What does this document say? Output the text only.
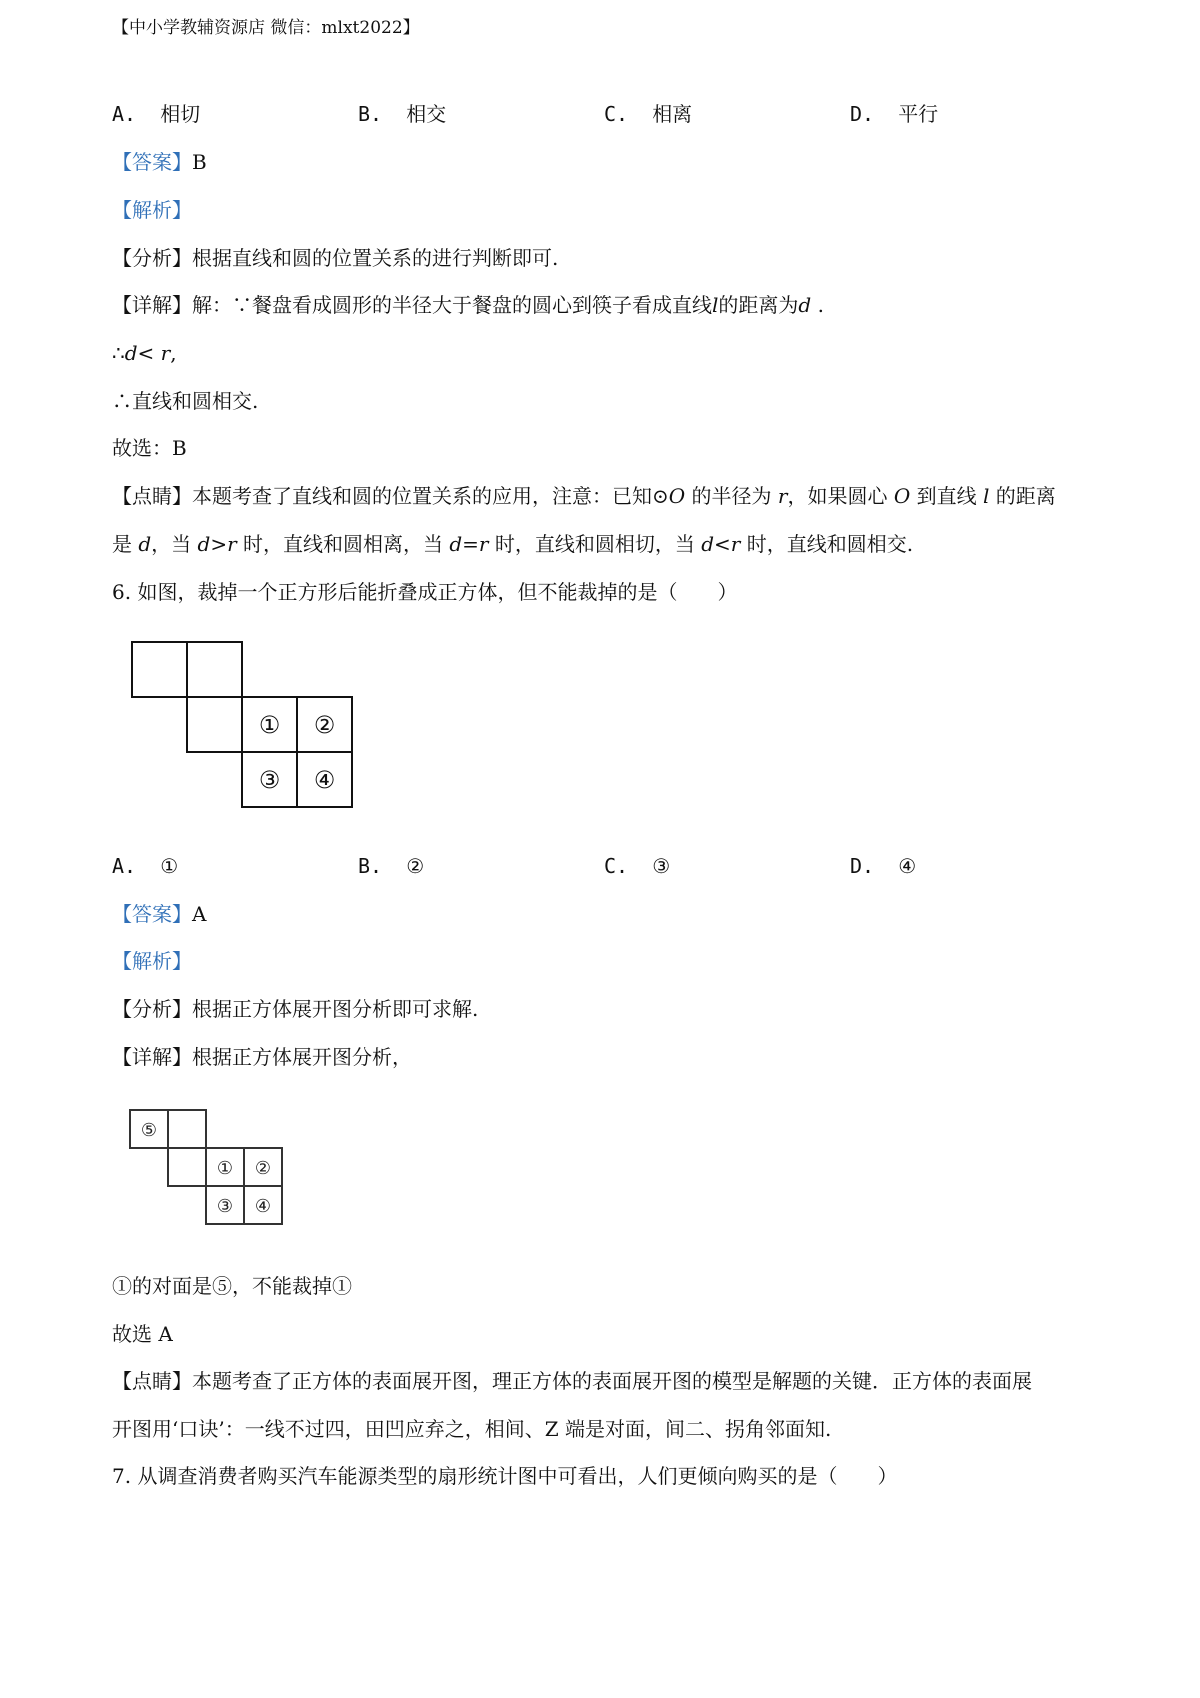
【中小学教辅资源店 微信：mlxt2022】
A. 相切	B. 相交	C. 相离	D. 平行
【答案】B
【解析】
【分析】根据直线和圆的位置关系的进行判断即可.
【详解】解：∵餐盘看成圆形的半径大于餐盘的圆心到筷子看成直线l的距离为d .
∴d< r,
∴直线和圆相交.
故选：B
【点睛】本题考查了直线和圆的位置关系的应用，注意：已知⊙O 的半径为 r，如果圆心 O 到直线 l 的距离
是 d，当 d>r 时，直线和圆相离，当 d=r 时，直线和圆相切，当 d<r 时，直线和圆相交.
6. 如图，裁掉一个正方形后能折叠成正方体，但不能裁掉的是（　　）
① ②
③ ④
A. ①	B. ②	C. ③	D. ④
【答案】A
【解析】
【分析】根据正方体展开图分析即可求解.
【详解】根据正方体展开图分析，
⑤
① ②
③ ④
①的对面是⑤，不能裁掉①
故选 A
【点睛】本题考查了正方体的表面展开图，理正方体的表面展开图的模型是解题的关键．正方体的表面展
开图用‘口诀’：一线不过四，田凹应弃之，相间、Z 端是对面，间二、拐角邻面知.
7. 从调查消费者购买汽车能源类型的扇形统计图中可看出，人们更倾向购买的是（　　）
